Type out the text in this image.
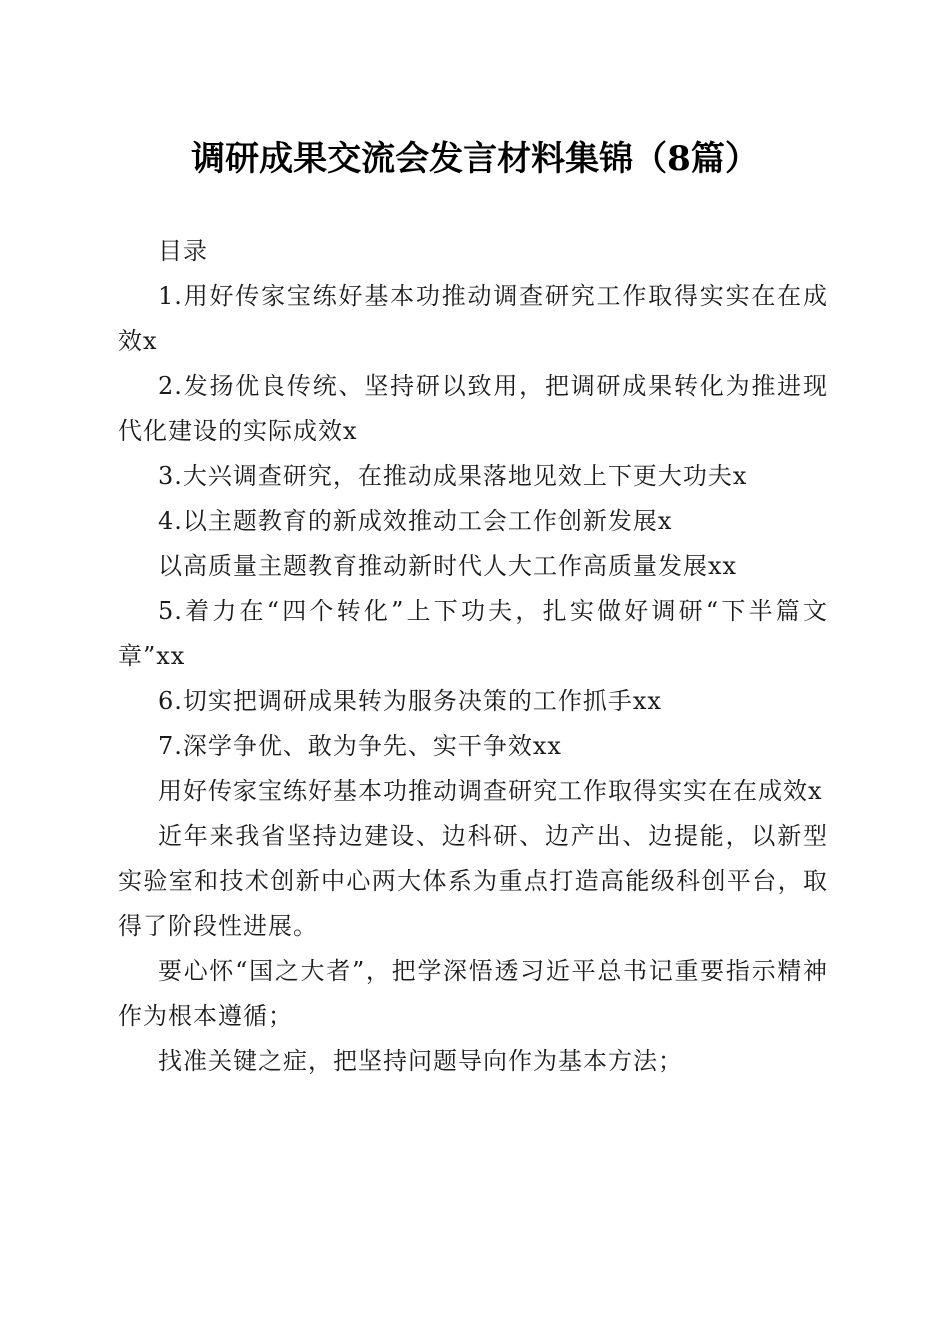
调研成果交流会发言材料集锦（8篇）

目录

1.用好传家宝练好基本功推动调查研究工作取得实实在在成效x

2.发扬优良传统、坚持研以致用，把调研成果转化为推进现代化建设的实际成效x

3.大兴调查研究，在推动成果落地见效上下更大功夫x

4.以主题教育的新成效推动工会工作创新发展x

以高质量主题教育推动新时代人大工作高质量发展xx

5.着力在“四个转化”上下功夫，扎实做好调研“下半篇文章”xx

6.切实把调研成果转为服务决策的工作抓手xx

7.深学争优、敢为争先、实干争效xx

用好传家宝练好基本功推动调查研究工作取得实实在在成效x

近年来我省坚持边建设、边科研、边产出、边提能，以新型实验室和技术创新中心两大体系为重点打造高能级科创平台，取得了阶段性进展。

要心怀“国之大者”，把学深悟透习近平总书记重要指示精神作为根本遵循；

找准关键之症，把坚持问题导向作为基本方法；
